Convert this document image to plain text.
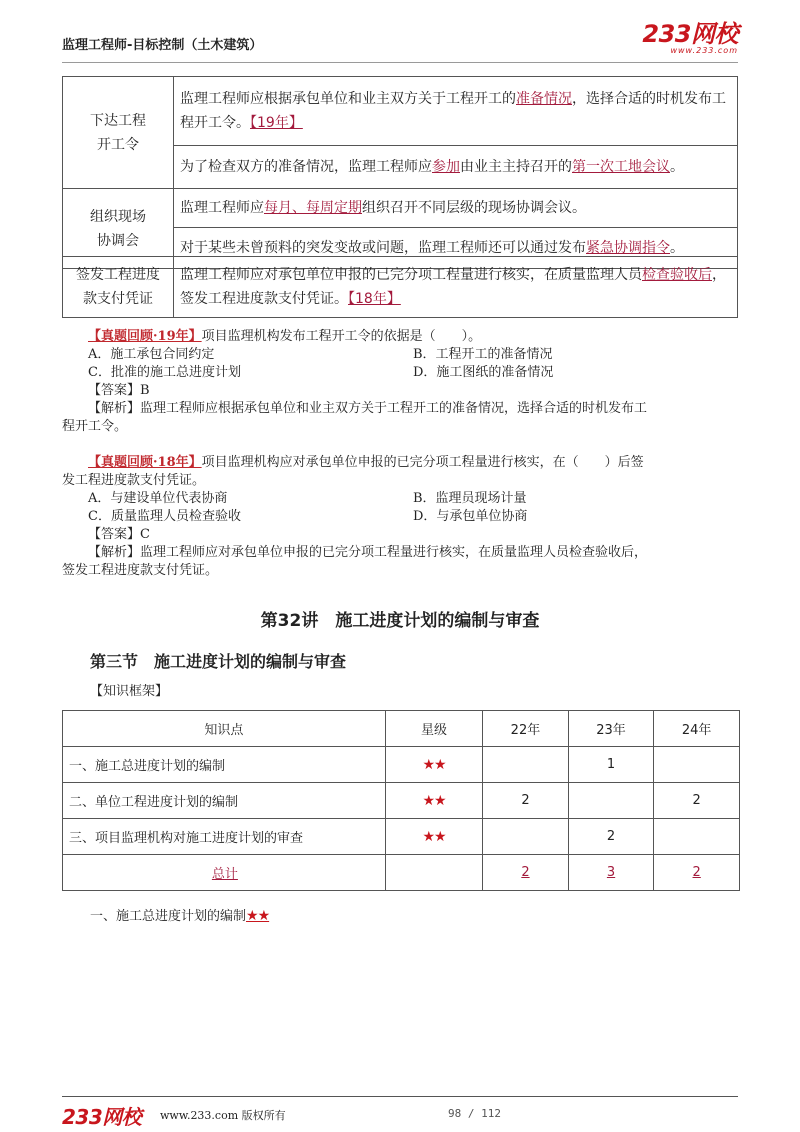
监理工程师-目标控制（土木建筑）	233网校
www.233.com
下达工程
开工令	监理工程师应根据承包单位和业主双方关于工程开工的准备情况，选择合适的时机发布工程开工令。【19年】
	为了检查双方的准备情况，监理工程师应参加由业主主持召开的第一次工地会议。
组织现场
协调会	监理工程师应每月、每周定期组织召开不同层级的现场协调会议。
	对于某些未曾预料的突发变故或问题，监理工程师还可以通过发布紧急协调指令。
签发工程进度
款支付凭证	监理工程师应对承包单位申报的已完分项工程量进行核实，在质量监理人员检查验收后，签发工程进度款支付凭证。【18年】

【真题回顾·19年】项目监理机构发布工程开工令的依据是（　　）。

A．施工承包合同约定	B．工程开工的准备情况
C．批准的施工总进度计划	D．施工图纸的准备情况

【答案】B

【解析】监理工程师应根据承包单位和业主双方关于工程开工的准备情况，选择合适的时机发布工

程开工令。

【真题回顾·18年】项目监理机构应对承包单位申报的已完分项工程量进行核实，在（　　）后签

发工程进度款支付凭证。

A．与建设单位代表协商	B．监理员现场计量
C．质量监理人员检查验收	D．与承包单位协商

【答案】C

【解析】监理工程师应对承包单位申报的已完分项工程量进行核实，在质量监理人员检查验收后，

签发工程进度款支付凭证。

第32讲　施工进度计划的编制与审查
第三节　施工进度计划的编制与审查
【知识框架】
知识点	星级	22年	23年	24年
一、施工总进度计划的编制	★★		1	
二、单位工程进度计划的编制	★★	2		2
三、项目监理机构对施工进度计划的审查	★★		2	
总计		2	3	2
一、施工总进度计划的编制★★
233网校 www.233.com 版权所有	98 / 112
